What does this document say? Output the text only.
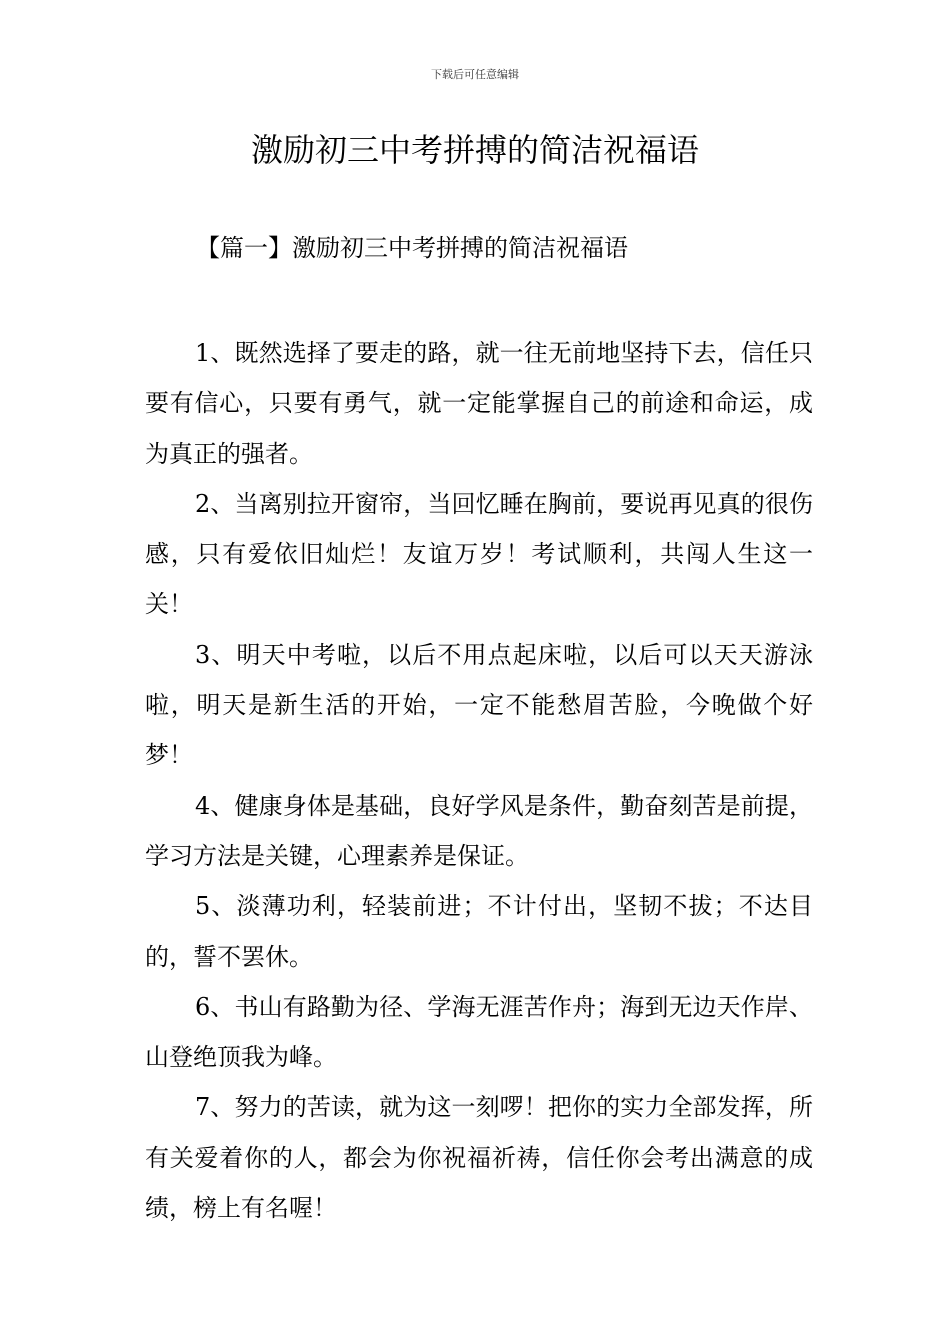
下载后可任意编辑
激励初三中考拼搏的简洁祝福语
【篇一】激励初三中考拼搏的简洁祝福语

1、既然选择了要走的路，就一往无前地坚持下去，信任只要有信心，只要有勇气，就一定能掌握自己的前途和命运，成为真正的强者。

2、当离别拉开窗帘，当回忆睡在胸前，要说再见真的很伤感，只有爱依旧灿烂！友谊万岁！考试顺利，共闯人生这一关！

3、明天中考啦，以后不用点起床啦，以后可以天天游泳啦，明天是新生活的开始，一定不能愁眉苦脸，今晚做个好梦！

4、健康身体是基础，良好学风是条件，勤奋刻苦是前提，学习方法是关键，心理素养是保证。

5、淡薄功利，轻装前进；不计付出，坚韧不拔；不达目的，誓不罢休。

6、书山有路勤为径、学海无涯苦作舟；海到无边天作岸、山登绝顶我为峰。

7、努力的苦读，就为这一刻啰！把你的实力全部发挥，所有关爱着你的人，都会为你祝福祈祷，信任你会考出满意的成绩，榜上有名喔！
